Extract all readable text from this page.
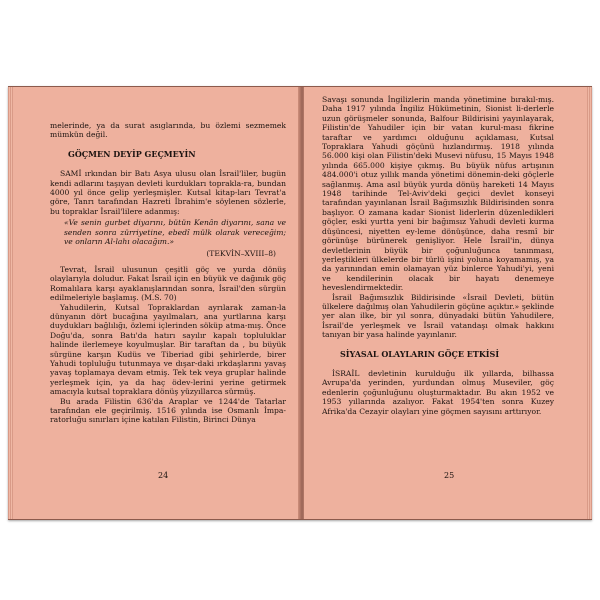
melerinde, ya da surat asıglarında, bu özlemi sezmemek mümkün değil.

GÖÇMEN DEYİP GEÇMEYİN

SAMİ ırkından bir Batı Asya ulusu olan İsrail'liler, bugün kendi adlarını taşıyan devleti kurdukları toprakla-ra, bundan 4000 yıl önce gelip yerleşmişler. Kutsal kitap-ları Tevrat'a göre, Tanrı tarafından Hazreti İbrahim'e söylenen sözlerle, bu topraklar İsrail'lilere adanmış:

«Ve senin gurbet diyarını, bütün Kenân diyarını, sana ve senden sonra zürriyetine, ebedî mülk olarak vereceğim; ve onların Al-lahı olacağım.»

(TEKVİN–XVIII–8)

Tevrat, İsrail ulusunun çeşitli göç ve yurda dönüş olaylarıyla doludur. Fakat İsrail için en büyük ve dağınık göç Romalılara karşı ayaklanışlarından sonra, İsrail'den sürgün edilmeleriyle başlamış. (M.S. 70)

Yahudilerin, Kutsal Topraklardan ayrılarak zaman-la dünyanın dört bucağına yayılmaları, ana yurtlarına karşı duydukları bağlılığı, özlemi içlerinden söküp atma-mış. Önce Doğu'da, sonra Batı'da hatırı sayılır kapalı topluluklar halinde ilerlemeye koyulmuşlar. Bir taraftan da , bu büyük sürgüne karşın Kudüs ve Tiberiad gibi şehirlerde, birer Yahudi topluluğu tutunmaya ve dışar-daki ırkdaşlarını yavaş yavaş toplamaya devam etmiş. Tek tek veya gruplar halinde yerleşmek için, ya da haç ödev-lerini yerine getirmek amacıyla kutsal topraklara dönüş yüzyıllarca sürmüş.

Bu arada Filistin 636'da Araplar ve 1244'de Tatarlar tarafından ele geçirilmiş. 1516 yılında ise Osmanlı İmpa-ratorluğu sınırları içine katılan Filistin, Birinci Dünya

24

Savaşı sonunda İngilizlerin manda yönetimine bırakıl-mış. Daha 1917 yılında İngiliz Hükümetinin, Sionist li-derlerle uzun görüşmeler sonunda, Balfour Bildirisini yayınlayarak, Filistin'de Yahudiler için bir vatan kurul-ması fikrine taraftar ve yardımcı olduğunu açıklaması, Kutsal Topraklara Yahudi göçünü hızlandırmış. 1918 yılında 56.000 kişi olan Filistin'deki Musevi nüfusu, 15 Mayıs 1948 yılında 665.000 kişiye çıkmış. Bu büyük nüfus artışının 484.000'i otuz yıllık manda yönetimi dönemin-deki göçlerle sağlanmış. Ama asıl büyük yurda dönüş hareketi 14 Mayıs 1948 tarihinde Tel-Aviv'deki geçici devlet konseyi tarafından yayınlanan İsrail Bağımsızlık Bildirisinden sonra başlıyor. O zamana kadar Sionist liderlerin düzenledikleri göçler, eski yurtta yeni bir bağımsız Yahudi devleti kurma düşüncesi, niyetten ey-leme dönüşünce, daha resmî bir görünüşe bürünerek genişliyor. Hele İsrail'in, dünya devletlerinin büyük bir çoğunluğunca tanınması, yerleştikleri ülkelerde bir türlü işini yoluna koyamamış, ya da yarınından emin olamayan yüz binlerce Yahudi'yi, yeni ve kendilerinin olacak bir hayatı denemeye heveslendirmektedir.

İsrail Bağımsızlık Bildirisinde «İsrail Devleti, bütün ülkelere dağılmış olan Yahudilerin göçüne açıktır.» şeklinde yer alan ilke, bir yıl sonra, dünyadaki bütün Yahudilere, İsrail'de yerleşmek ve İsrail vatandaşı olmak hakkını tanıyan bir yasa halinde yayınlanır.

SİYASAL OLAYLARIN GÖÇE ETKİSİ

İSRAİL devletinin kurulduğu ilk yıllarda, bilhassa Avrupa'da yerinden, yurdundan olmuş Museviler, göç edenlerin çoğunluğunu oluşturmaktadır. Bu akın 1952 ve 1953 yıllarında azalıyor. Fakat 1954'ten sonra Kuzey Afrika'da Cezayir olayları yine göçmen sayısını arttırıyor.

25
